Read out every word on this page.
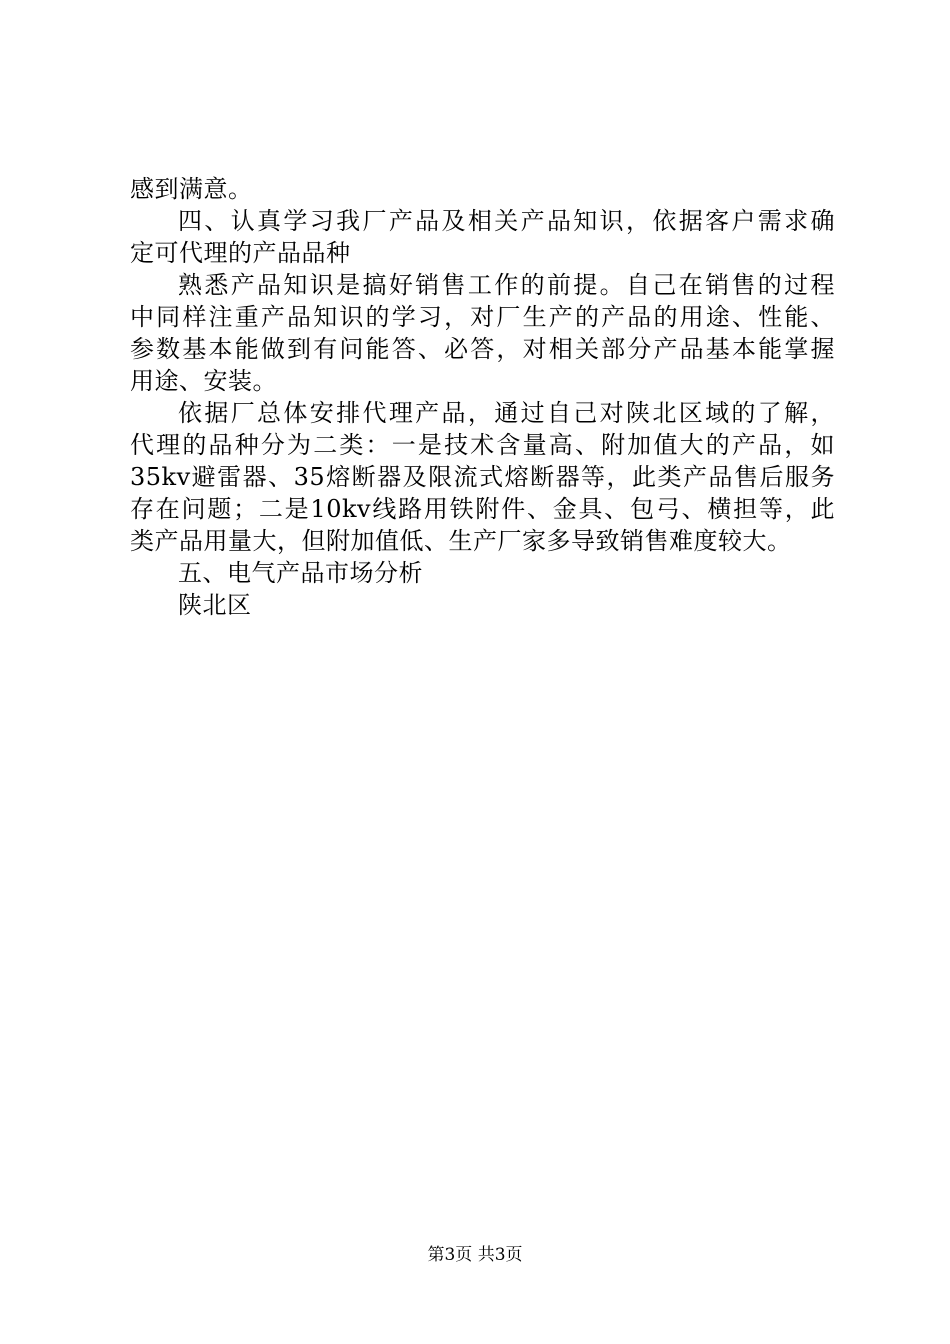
感到满意。
四、认真学习我厂产品及相关产品知识，依据客户需求确
定可代理的产品品种
熟悉产品知识是搞好销售工作的前提。自己在销售的过程
中同样注重产品知识的学习，对厂生产的产品的用途、性能、
参数基本能做到有问能答、必答，对相关部分产品基本能掌握
用途、安装。
依据厂总体安排代理产品，通过自己对陕北区域的了解，
代理的品种分为二类：一是技术含量高、附加值大的产品，如
35kv避雷器、35熔断器及限流式熔断器等，此类产品售后服务
存在问题；二是10kv线路用铁附件、金具、包弓、横担等，此
类产品用量大，但附加值低、生产厂家多导致销售难度较大。
五、电气产品市场分析
陕北区
第3页 共3页
